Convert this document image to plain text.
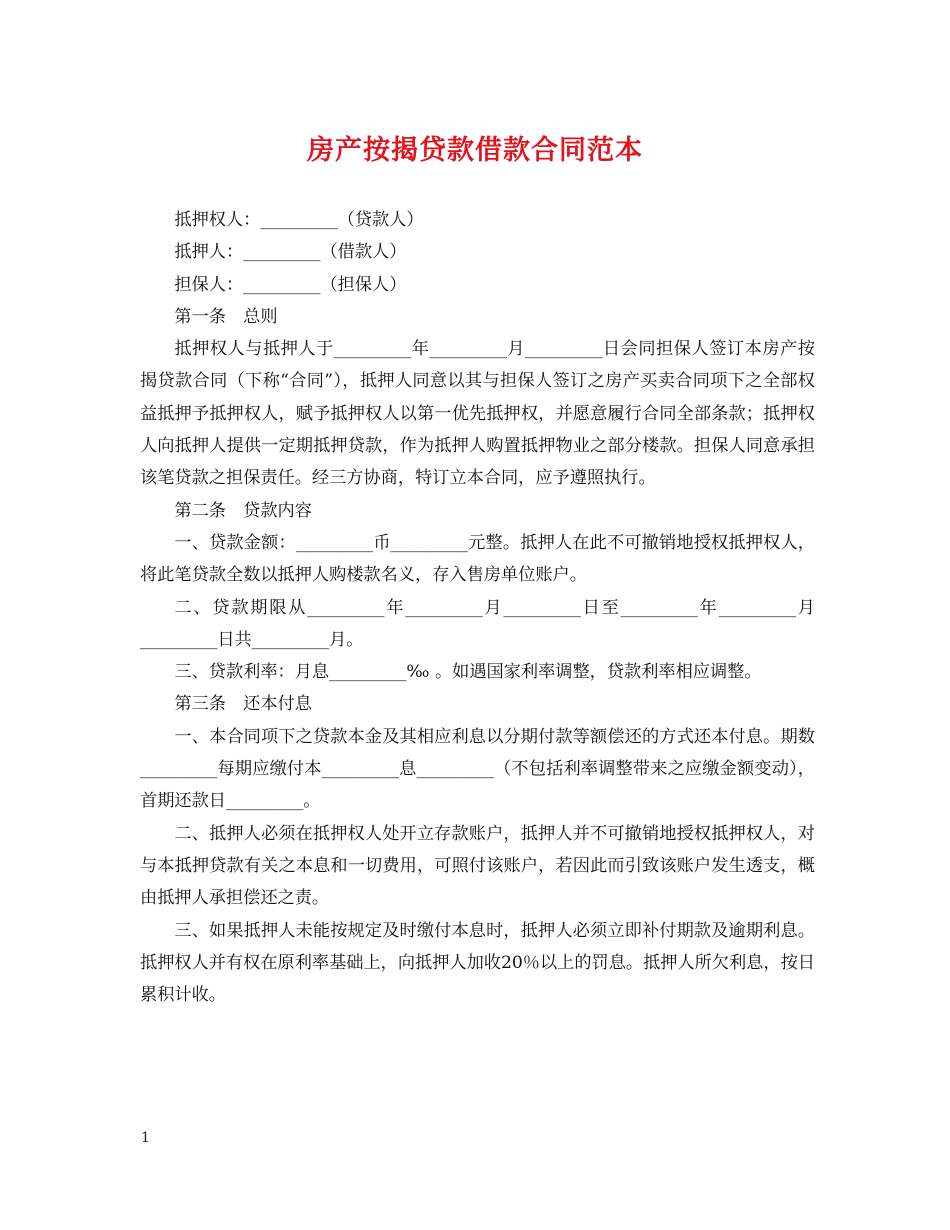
房产按揭贷款借款合同范本

抵押权人：_________（贷款人）

抵押人：_________（借款人）

担保人：_________（担保人）

第一条　总则

抵押权人与抵押人于_________年_________月_________日会同担保人签订本房产按揭贷款合同（下称“合同”），抵押人同意以其与担保人签订之房产买卖合同项下之全部权益抵押予抵押权人，赋予抵押权人以第一优先抵押权，并愿意履行合同全部条款；抵押权人向抵押人提供一定期抵押贷款，作为抵押人购置抵押物业之部分楼款。担保人同意承担该笔贷款之担保责任。经三方协商，特订立本合同，应予遵照执行。

第二条　贷款内容

一、贷款金额：_________币_________元整。抵押人在此不可撤销地授权抵押权人，将此笔贷款全数以抵押人购楼款名义，存入售房单位账户。

二、贷款期限从_________年_________月_________日至_________年_________月_________日共_________月。

三、贷款利率：月息_________‰ 。如遇国家利率调整，贷款利率相应调整。

第三条　还本付息

一、本合同项下之贷款本金及其相应利息以分期付款等额偿还的方式还本付息。期数_________每期应缴付本_________息_________（不包括利率调整带来之应缴金额变动），首期还款日_________。

二、抵押人必须在抵押权人处开立存款账户，抵押人并不可撤销地授权抵押权人，对与本抵押贷款有关之本息和一切费用，可照付该账户，若因此而引致该账户发生透支，概由抵押人承担偿还之责。

三、如果抵押人未能按规定及时缴付本息时，抵押人必须立即补付期款及逾期利息。抵押权人并有权在原利率基础上，向抵押人加收20％以上的罚息。抵押人所欠利息，按日累积计收。

1
